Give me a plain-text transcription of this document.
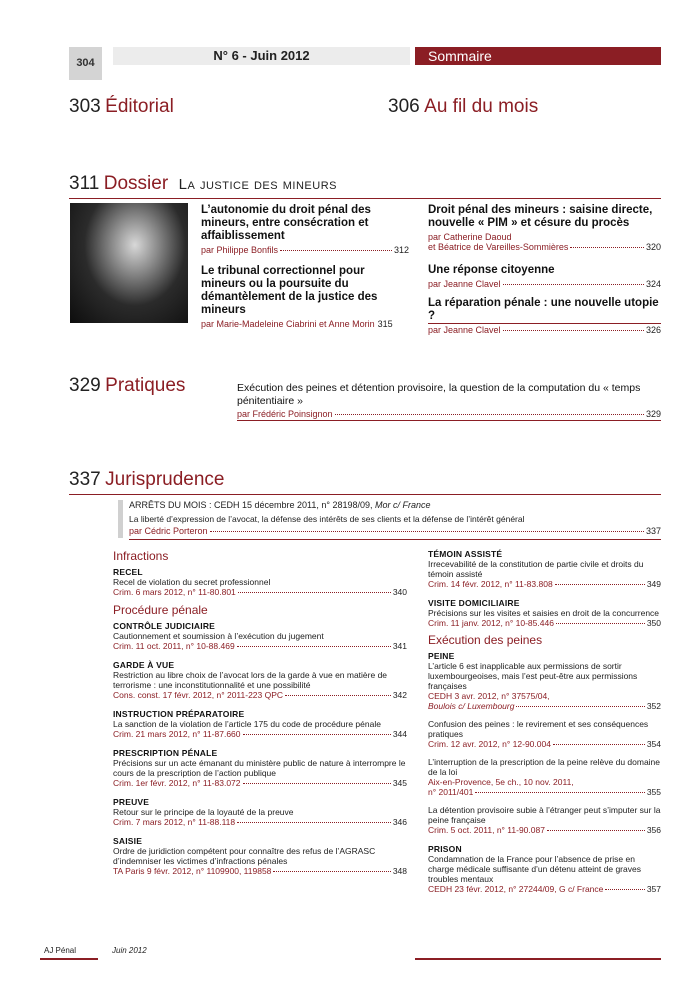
304	N° 6 - Juin 2012	Sommaire
303 Éditorial	306 Au fil du mois
311 Dossier La justice des mineurs
L’autonomie du droit pénal des mineurs, entre consécration et affaiblissement
par Philippe Bonfils	312
Le tribunal correctionnel pour mineurs ou la poursuite du démantèlement de la justice des mineurs
par Marie-Madeleine Ciabrini et Anne Morin 315
Droit pénal des mineurs : saisine directe, nouvelle « PIM » et césure du procès
par Catherine Daoud
et Béatrice de Vareilles-Sommières	320
Une réponse citoyenne
par Jeanne Clavel	324
La réparation pénale : une nouvelle utopie ?
par Jeanne Clavel	326
329 Pratiques	Exécution des peines et détention provisoire, la question de la computation du « temps pénitentiaire »
par Frédéric Poinsignon	329
337 Jurisprudence
ARRÊTS DU MOIS : CEDH 15 décembre 2011, n° 28198/09, Mor c/ France
La liberté d’expression de l’avocat, la défense des intérêts de ses clients et la défense de l’intérêt général
par Cédric Porteron	337
Infractions
RECEL
Recel de violation du secret professionnel
Crim. 6 mars 2012, n° 11-80.801	340
Procédure pénale
CONTRÔLE JUDICIAIRE
Cautionnement et soumission à l’exécution du jugement
Crim. 11 oct. 2011, n° 10-88.469	341
GARDE À VUE
Restriction au libre choix de l’avocat lors de la garde à vue en matière de terrorisme : une inconstitutionnalité et une possibilité
Cons. const. 17 févr. 2012, n° 2011-223 QPC	342
INSTRUCTION PRÉPARATOIRE
La sanction de la violation de l’article 175 du code de procédure pénale
Crim. 21 mars 2012, n° 11-87.660	344
PRESCRIPTION PÉNALE
Précisions sur un acte émanant du ministère public de nature à interrompre le cours de la prescription de l’action publique
Crim. 1er févr. 2012, n° 11-83.072	345
PREUVE
Retour sur le principe de la loyauté de la preuve
Crim. 7 mars 2012, n° 11-88.118	346
SAISIE
Ordre de juridiction compétent pour connaître des refus de l’AGRASC d’indemniser les victimes d’infractions pénales
TA Paris 9 févr. 2012, n° 1109900, 119858	348
TÉMOIN ASSISTÉ
Irrecevabilité de la constitution de partie civile et droits du témoin assisté
Crim. 14 févr. 2012, n° 11-83.808	349
VISITE DOMICILIAIRE
Précisions sur les visites et saisies en droit de la concurrence
Crim. 11 janv. 2012, n° 10-85.446	350
Exécution des peines
PEINE
L’article 6 est inapplicable aux permissions de sortir luxembourgeoises, mais l’est peut-être aux permissions françaises
CEDH 3 avr. 2012, n° 37575/04,
Boulois c/ Luxembourg	352
Confusion des peines : le revirement et ses conséquences pratiques
Crim. 12 avr. 2012, n° 12-90.004	354
L’interruption de la prescription de la peine relève du domaine de la loi
Aix-en-Provence, 5e ch., 10 nov. 2011,
n° 2011/401	355
La détention provisoire subie à l’étranger peut s’imputer sur la peine française
Crim. 5 oct. 2011, n° 11-90.087	356
PRISON
Condamnation de la France pour l’absence de prise en charge médicale suffisante d’un détenu atteint de graves troubles mentaux
CEDH 23 févr. 2012, n° 27244/09, G c/ France	357
AJ Pénal	Juin 2012
